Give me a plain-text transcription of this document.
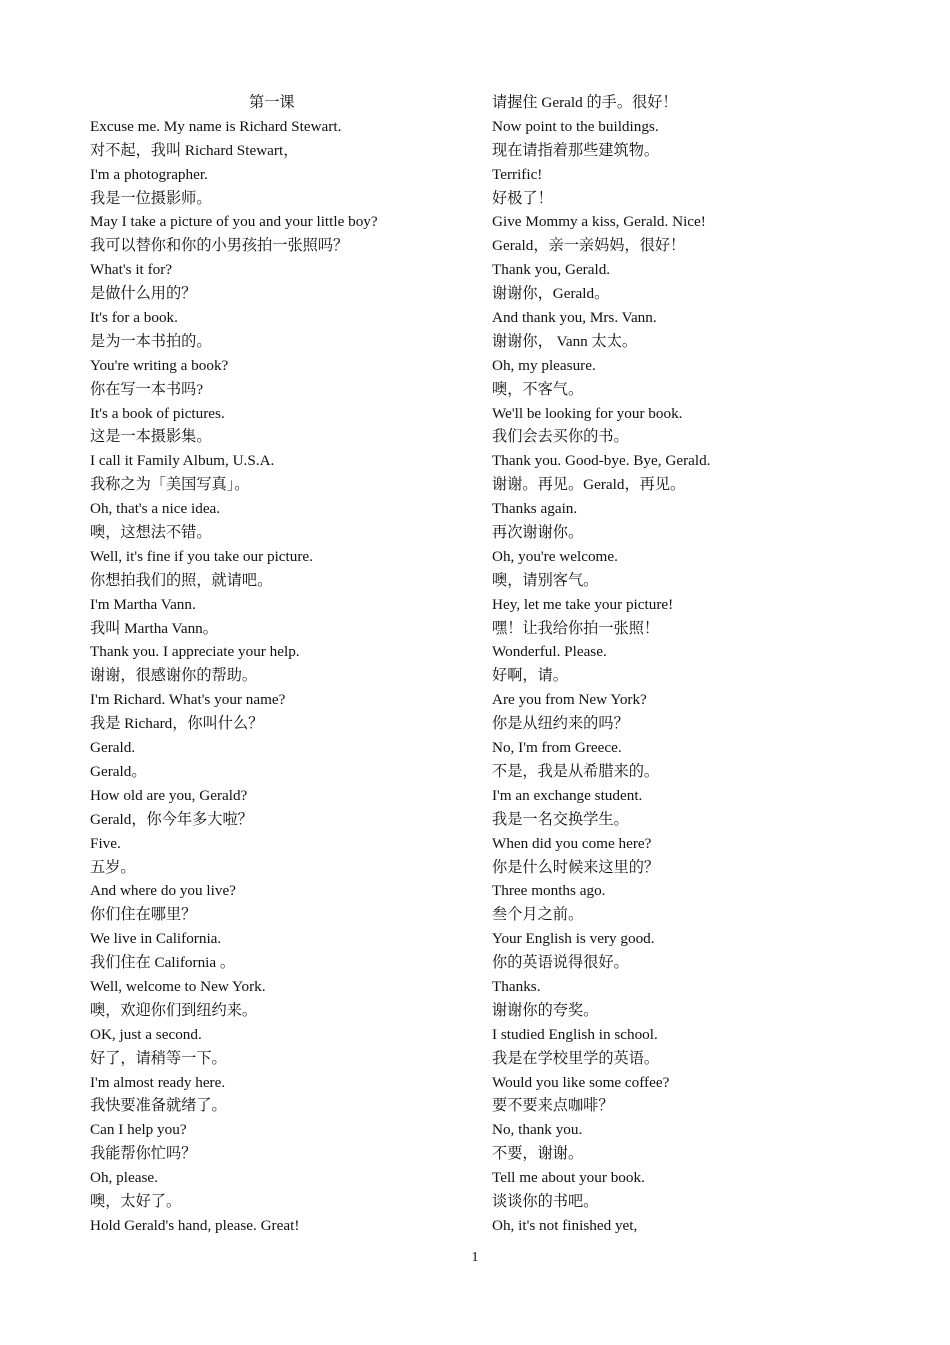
第一课
Excuse me. My name is Richard Stewart.
对不起，我叫 Richard Stewart，
I'm a photographer.
我是一位摄影师。
May I take a picture of you and your little boy?
我可以替你和你的小男孩拍一张照吗？
What's it for?
是做什么用的？
It's for a book.
是为一本书拍的。
You're writing a book?
你在写一本书吗?
It's a book of pictures.
这是一本摄影集。
I call it Family Album, U.S.A.
我称之为「美国写真」。
Oh, that's a nice idea.
噢，这想法不错。
Well, it's fine if you take our picture.
你想拍我们的照，就请吧。
I'm Martha Vann.
我叫 Martha Vann。
Thank you. I appreciate your help.
谢谢，很感谢你的帮助。
I'm Richard. What's your name?
我是 Richard，你叫什么？
Gerald.
Gerald。
How old are you, Gerald?
Gerald，你今年多大啦？
Five.
五岁。
And where do you live?
你们住在哪里？
We live in California.
我们住在 California 。
Well, welcome to New York.
噢，欢迎你们到纽约来。
OK, just a second.
好了，请稍等一下。
I'm almost ready here.
我快要准备就绪了。
Can I help you?
我能帮你忙吗？
Oh, please.
噢，太好了。
Hold Gerald's hand, please. Great!
请握住 Gerald 的手。很好！
Now point to the buildings.
现在请指着那些建筑物。
Terrific!
好极了！
Give Mommy a kiss, Gerald. Nice!
Gerald，亲一亲妈妈，很好！
Thank you, Gerald.
谢谢你，Gerald。
And thank you, Mrs. Vann.
谢谢你， Vann 太太。
Oh, my pleasure.
噢，不客气。
We'll be looking for your book.
我们会去买你的书。
Thank you. Good-bye. Bye, Gerald.
谢谢。再见。Gerald，再见。
Thanks again.
再次谢谢你。
Oh, you're welcome.
噢，请别客气。
Hey, let me take your picture!
嘿！让我给你拍一张照！
Wonderful. Please.
好啊，请。
Are you from New York?
你是从纽约来的吗？
No, I'm from Greece.
不是，我是从希腊来的。
I'm an exchange student.
我是一名交换学生。
When did you come here?
你是什么时候来这里的？
Three months ago.
叁个月之前。
Your English is very good.
你的英语说得很好。
Thanks.
谢谢你的夸奖。
I studied English in school.
我是在学校里学的英语。
Would you like some coffee?
要不要来点咖啡？
No, thank you.
不要，谢谢。
Tell me about your book.
谈谈你的书吧。
Oh, it's not finished yet,
1
